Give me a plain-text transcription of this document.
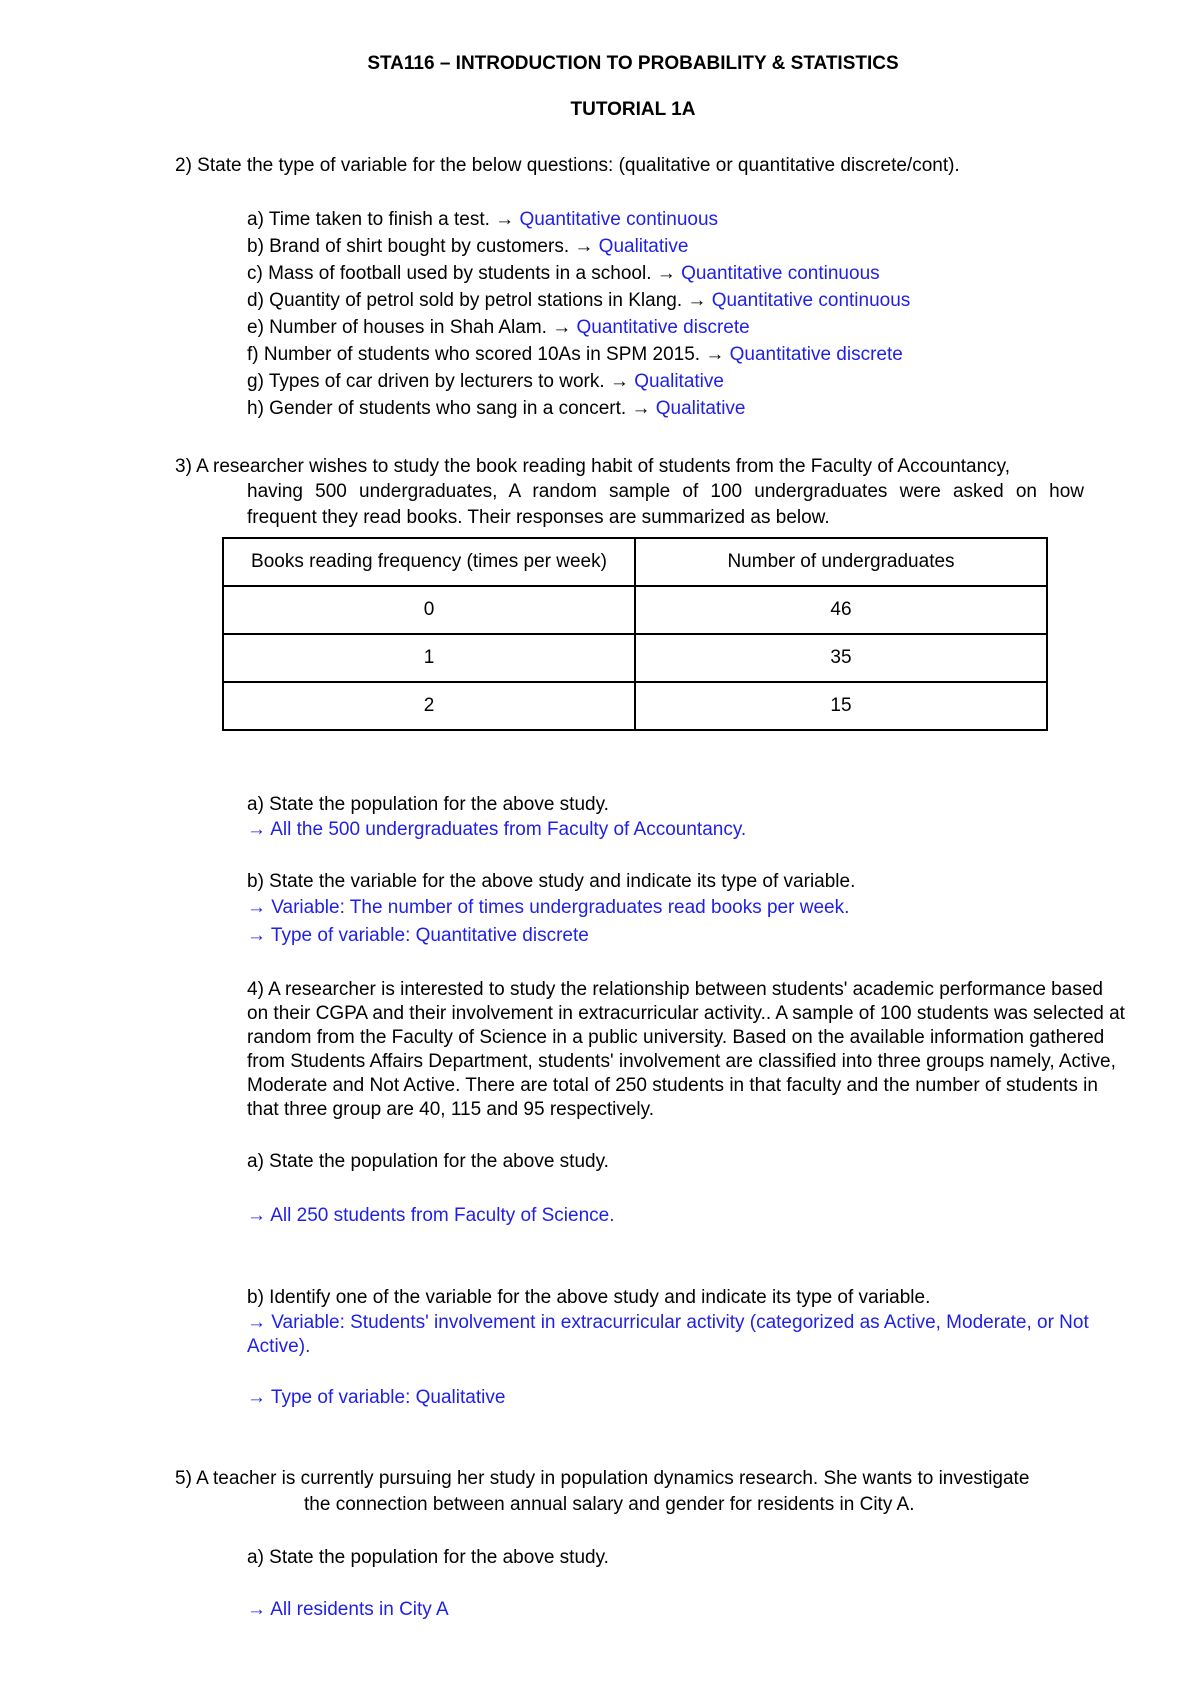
STA116 – INTRODUCTION TO PROBABILITY & STATISTICS
TUTORIAL 1A
2) State the type of variable for the below questions: (qualitative or quantitative discrete/cont).
a) Time taken to finish a test. → Quantitative continuous
b) Brand of shirt bought by customers. → Qualitative
c) Mass of football used by students in a school. → Quantitative continuous
d) Quantity of petrol sold by petrol stations in Klang. → Quantitative continuous
e) Number of houses in Shah Alam. → Quantitative discrete
f) Number of students who scored 10As in SPM 2015. → Quantitative discrete
g) Types of car driven by lecturers to work. → Qualitative
h) Gender of students who sang in a concert. → Qualitative
3) A researcher wishes to study the book reading habit of students from the Faculty of Accountancy,
having 500 undergraduates, A random sample of 100 undergraduates were asked on how
frequent they read books. Their responses are summarized as below.
Books reading frequency (times per week)	Number of undergraduates
0	46
1	35
2	15
a) State the population for the above study.
→ All the 500 undergraduates from Faculty of Accountancy.
b) State the variable for the above study and indicate its type of variable.
→ Variable: The number of times undergraduates read books per week.
→ Type of variable: Quantitative discrete
4) A researcher is interested to study the relationship between students' academic performance based
on their CGPA and their involvement in extracurricular activity.. A sample of 100 students was selected at
random from the Faculty of Science in a public university. Based on the available information gathered
from Students Affairs Department, students' involvement are classified into three groups namely, Active,
Moderate and Not Active. There are total of 250 students in that faculty and the number of students in
that three group are 40, 115 and 95 respectively.
a) State the population for the above study.
→ All 250 students from Faculty of Science.
b) Identify one of the variable for the above study and indicate its type of variable.
→ Variable: Students' involvement in extracurricular activity (categorized as Active, Moderate, or Not
Active).
→ Type of variable: Qualitative
5) A teacher is currently pursuing her study in population dynamics research. She wants to investigate
the connection between annual salary and gender for residents in City A.
a) State the population for the above study.
→ All residents in City A
